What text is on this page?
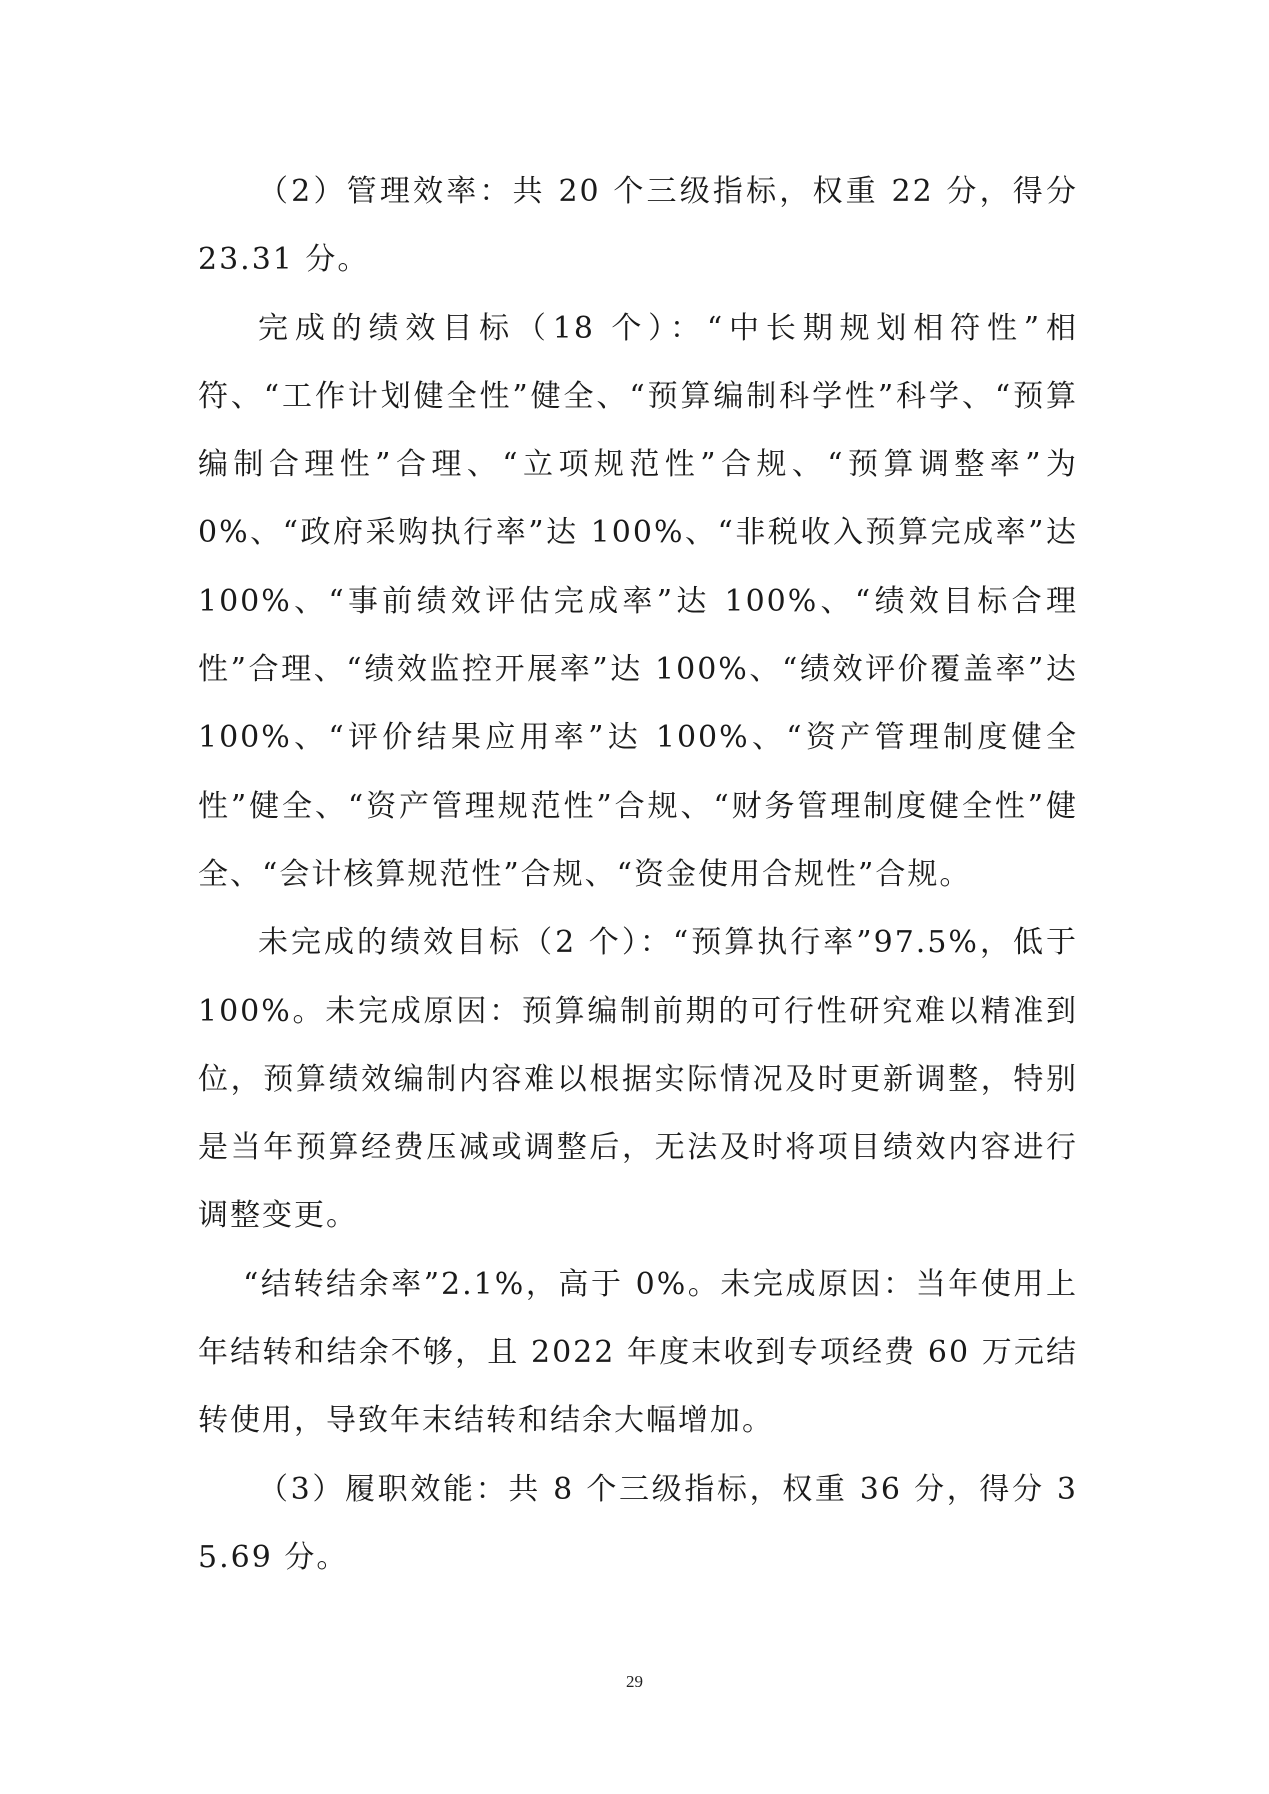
（2）管理效率：共 20 个三级指标，权重 22 分，得分 23.31 分。

完成的绩效目标（18 个）：“中长期规划相符性”相符、“工作计划健全性”健全、“预算编制科学性”科学、“预算编制合理性”合理、“立项规范性”合规、“预算调整率”为 0%、“政府采购执行率”达 100%、“非税收入预算完成率”达 100%、“事前绩效评估完成率”达 100%、“绩效目标合理性”合理、“绩效监控开展率”达 100%、“绩效评价覆盖率”达 100%、“评价结果应用率”达 100%、“资产管理制度健全性”健全、“资产管理规范性”合规、“财务管理制度健全性”健全、“会计核算规范性”合规、“资金使用合规性”合规。

未完成的绩效目标（2 个）：“预算执行率”97.5%，低于 100%。未完成原因：预算编制前期的可行性研究难以精准到位，预算绩效编制内容难以根据实际情况及时更新调整，特别是当年预算经费压减或调整后，无法及时将项目绩效内容进行调整变更。

“结转结余率”2.1%，高于 0%。未完成原因：当年使用上年结转和结余不够，且 2022 年度末收到专项经费 60 万元结转使用，导致年末结转和结余大幅增加。

（3）履职效能：共 8 个三级指标，权重 36 分，得分 35.69 分。

29
